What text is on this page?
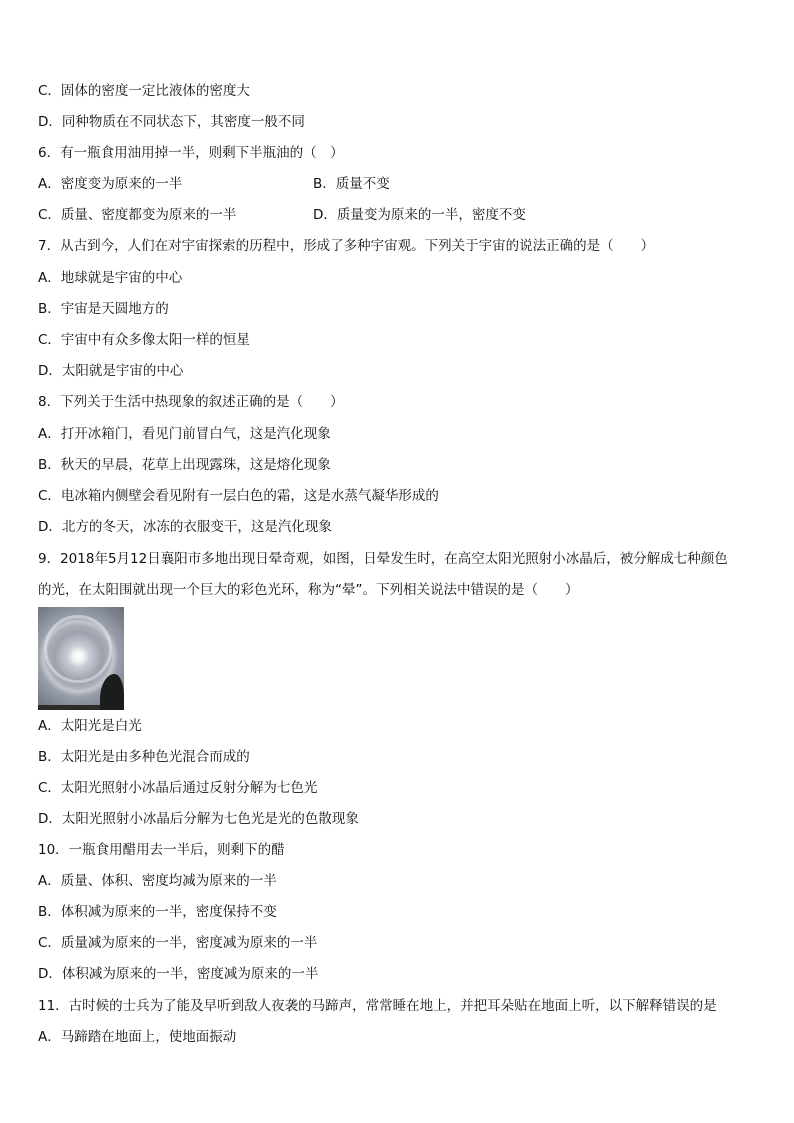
C．固体的密度一定比液体的密度大
D．同种物质在不同状态下，其密度一般不同
6．有一瓶食用油用掉一半，则剩下半瓶油的（　）
A．密度变为原来的一半	B．质量不变
C．质量、密度都变为原来的一半	D．质量变为原来的一半，密度不变
7．从古到今，人们在对宇宙探索的历程中，形成了多种宇宙观。下列关于宇宙的说法正确的是（　　）
A．地球就是宇宙的中心
B．宇宙是天圆地方的
C．宇宙中有众多像太阳一样的恒星
D．太阳就是宇宙的中心
8．下列关于生活中热现象的叙述正确的是（　　）
A．打开冰箱门，看见门前冒白气，这是汽化现象
B．秋天的早晨，花草上出现露珠，这是熔化现象
C．电冰箱内侧壁会看见附有一层白色的霜，这是水蒸气凝华形成的
D．北方的冬天，冰冻的衣服变干，这是汽化现象
9．2018年5月12日襄阳市多地出现日晕奇观，如图，日晕发生时，在高空太阳光照射小冰晶后，被分解成七种颜色
的光，在太阳围就出现一个巨大的彩色光环，称为“晕”。下列相关说法中错误的是（　　）
A．太阳光是白光
B．太阳光是由多种色光混合而成的
C．太阳光照射小冰晶后通过反射分解为七色光
D．太阳光照射小冰晶后分解为七色光是光的色散现象
10．一瓶食用醋用去一半后，则剩下的醋
A．质量、体积、密度均减为原来的一半
B．体积减为原来的一半，密度保持不变
C．质量减为原来的一半，密度减为原来的一半
D．体积减为原来的一半，密度减为原来的一半
11．古时候的士兵为了能及早听到敌人夜袭的马蹄声，常常睡在地上，并把耳朵贴在地面上听，以下解释错误的是
A．马蹄踏在地面上，使地面振动
